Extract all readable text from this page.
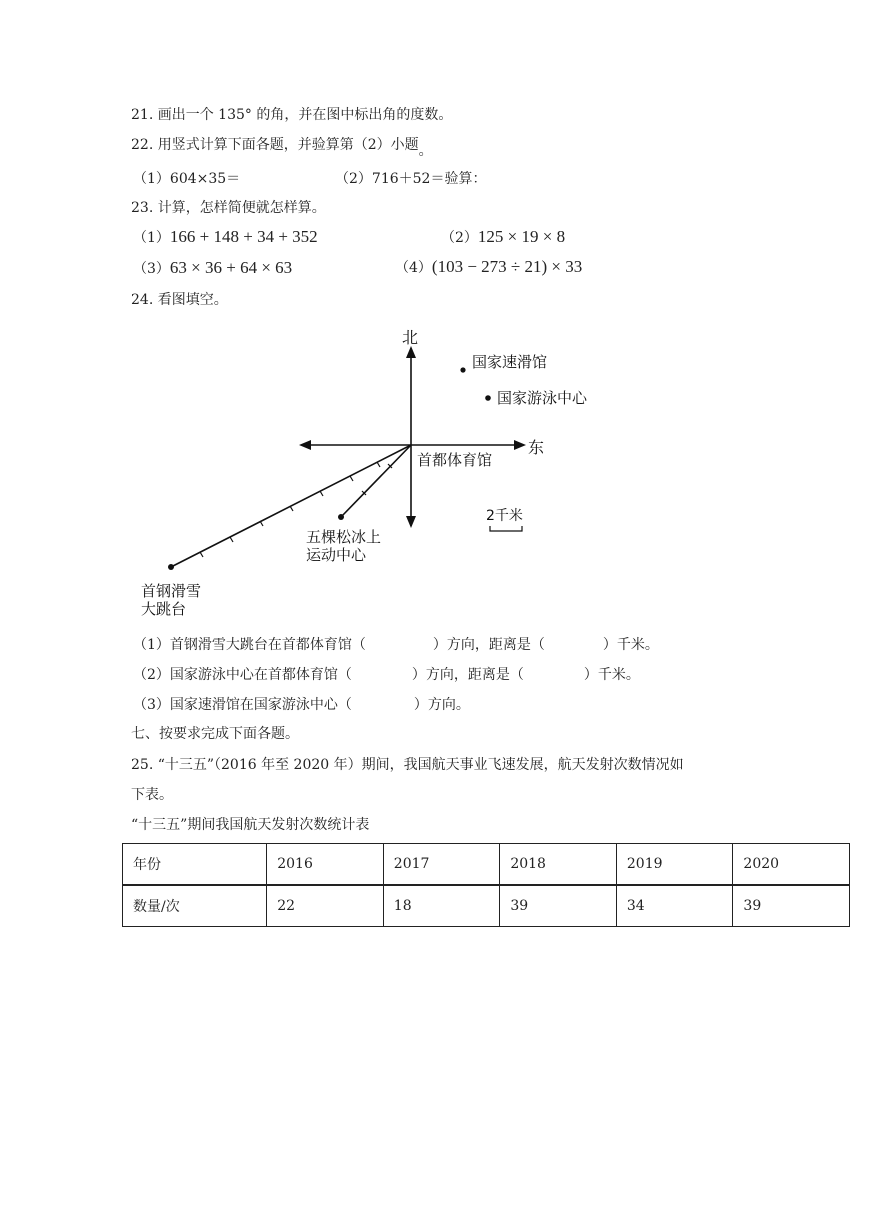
21. 画出一个 135° 的角，并在图中标出角的度数。
22. 用竖式计算下面各题，并验算第（2）小题。
（1）604×35＝	（2）716＋52＝验算：
23. 计算，怎样简便就怎样算。
（1）166 + 148 + 34 + 352	（2）125 × 19 × 8
（3）63 × 36 + 64 × 63	（4）(103 − 273 ÷ 21) × 33
24. 看图填空。
北
东
首都体育馆
国家速滑馆
国家游泳中心
五棵松冰上
运动中心
首钢滑雪
大跳台
2千米
（1）首钢滑雪大跳台在首都体育馆（	）方向，距离是（	）千米。
（2）国家游泳中心在首都体育馆（	）方向，距离是（	）千米。
（3）国家速滑馆在国家游泳中心（	）方向。
七、按要求完成下面各题。
25. “十三五”（2016 年至 2020 年）期间，我国航天事业飞速发展，航天发射次数情况如
下表。
“十三五”期间我国航天发射次数统计表
年份	2016	2017	2018	2019	2020
数量/次	22	18	39	34	39
